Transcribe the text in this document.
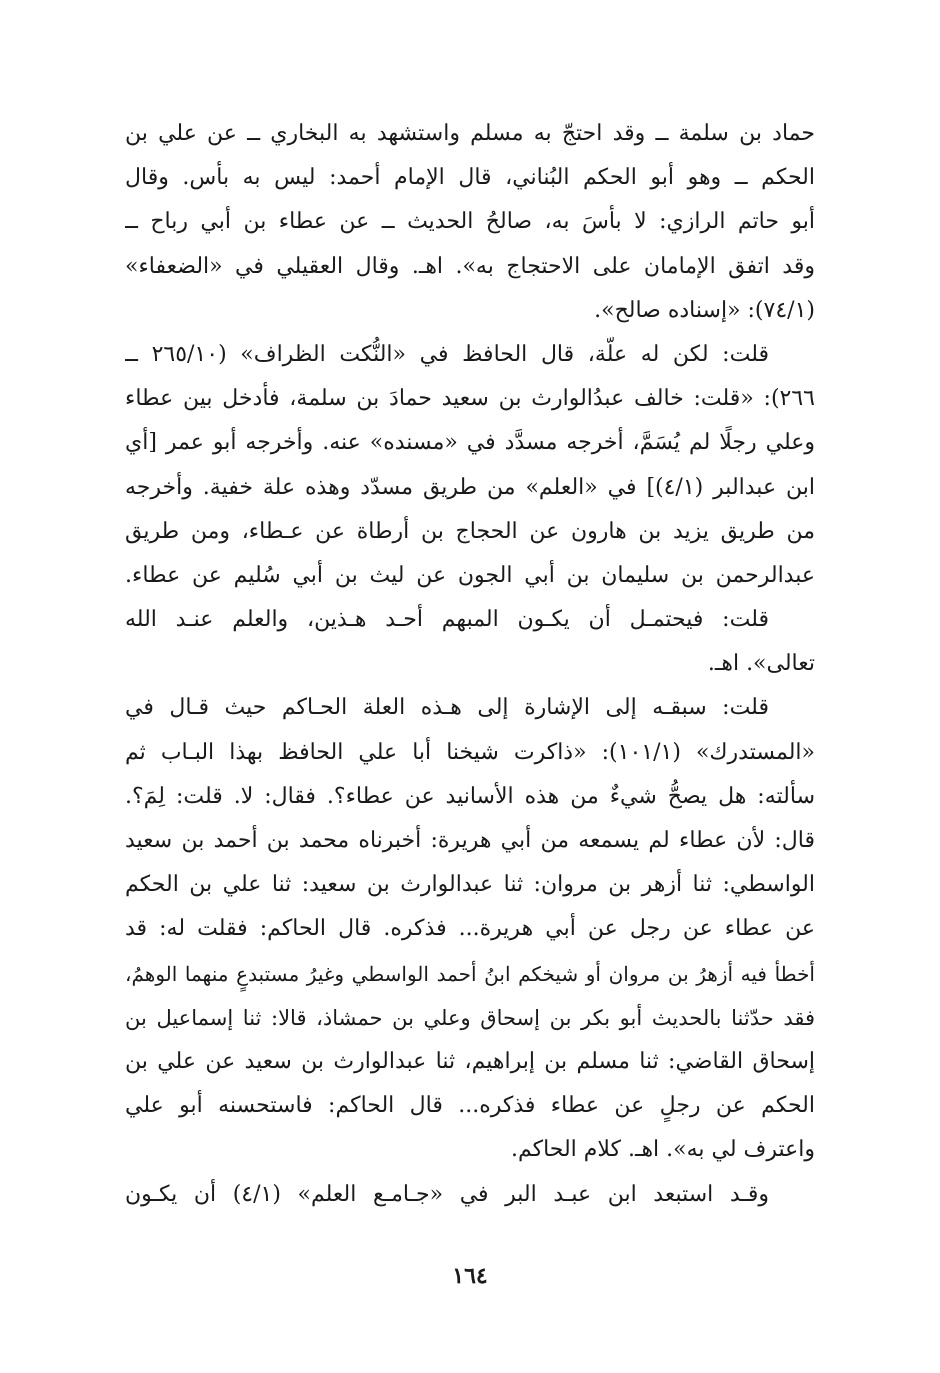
حماد بن سلمة ــ وقد احتجّ به مسلم واستشهد به البخاري ــ عن علي بن
الحكم ــ وهو أبو الحكم البُناني، قال الإمام أحمد: ليس به بأس. وقال
أبو حاتم الرازي: لا بأسَ به، صالحُ الحديث ــ عن عطاء بن أبي رباح ــ
وقد اتفق الإمامان على الاحتجاج به». اهـ. وقال العقيلي في «الضعفاء»
(٧٤/١): «إسناده صالح».
قلت: لكن له علّة، قال الحافظ في «النُّكت الظراف» (٢٦٥/١٠ ــ
٢٦٦): «قلت: خالف عبدُالوارث بن سعيد حمادَ بن سلمة، فأدخل بين عطاء
وعلي رجلًا لم يُسَمَّ، أخرجه مسدَّد في «مسنده» عنه. وأخرجه أبو عمر [أي
ابن عبدالبر (٤/١)] في «العلم» من طريق مسدّد وهذه علة خفية. وأخرجه
من طريق يزيد بن هارون عن الحجاج بن أرطاة عن عـطاء، ومن طريق
عبدالرحمن بن سليمان بن أبي الجون عن ليث بن أبي سُليم عن عطاء.
قلت: فيحتمـل أن يكـون المبهم أحـد هـذين، والعلم عنـد الله
تعالى». اهـ.
قلت: سبقـه إلى الإشارة إلى هـذه العلة الحـاكم حيث قـال في
«المستدرك» (١٠١/١): «ذاكرت شيخنا أبا علي الحافظ بهذا البـاب ثم
سألته: هل يصحُّ شيءٌ من هذه الأسانيد عن عطاء؟. فقال: لا. قلت: لِمَ؟.
قال: لأن عطاء لم يسمعه من أبي هريرة: أخبرناه محمد بن أحمد بن سعيد
الواسطي: ثنا أزهر بن مروان: ثنا عبدالوارث بن سعيد: ثنا علي بن الحكم
عن عطاء عن رجل عن أبي هريرة... فذكره. قال الحاكم: فقلت له: قد
أخطأ فيه أزهرُ بن مروان أو شيخكم ابنُ أحمد الواسطي وغيرُ مستبدعٍ منهما الوهمُ،
فقد حدّثنا بالحديث أبو بكر بن إسحاق وعلي بن حمشاذ، قالا: ثنا إسماعيل بن
إسحاق القاضي: ثنا مسلم بن إبراهيم، ثنا عبدالوارث بن سعيد عن علي بن
الحكم عن رجلٍ عن عطاء فذكره... قال الحاكم: فاستحسنه أبو علي
واعترف لي به». اهـ. كلام الحاكم.
وقـد استبعد ابن عبـد البر في «جـامـع العلم» (٤/١) أن يكـون
١٦٤
